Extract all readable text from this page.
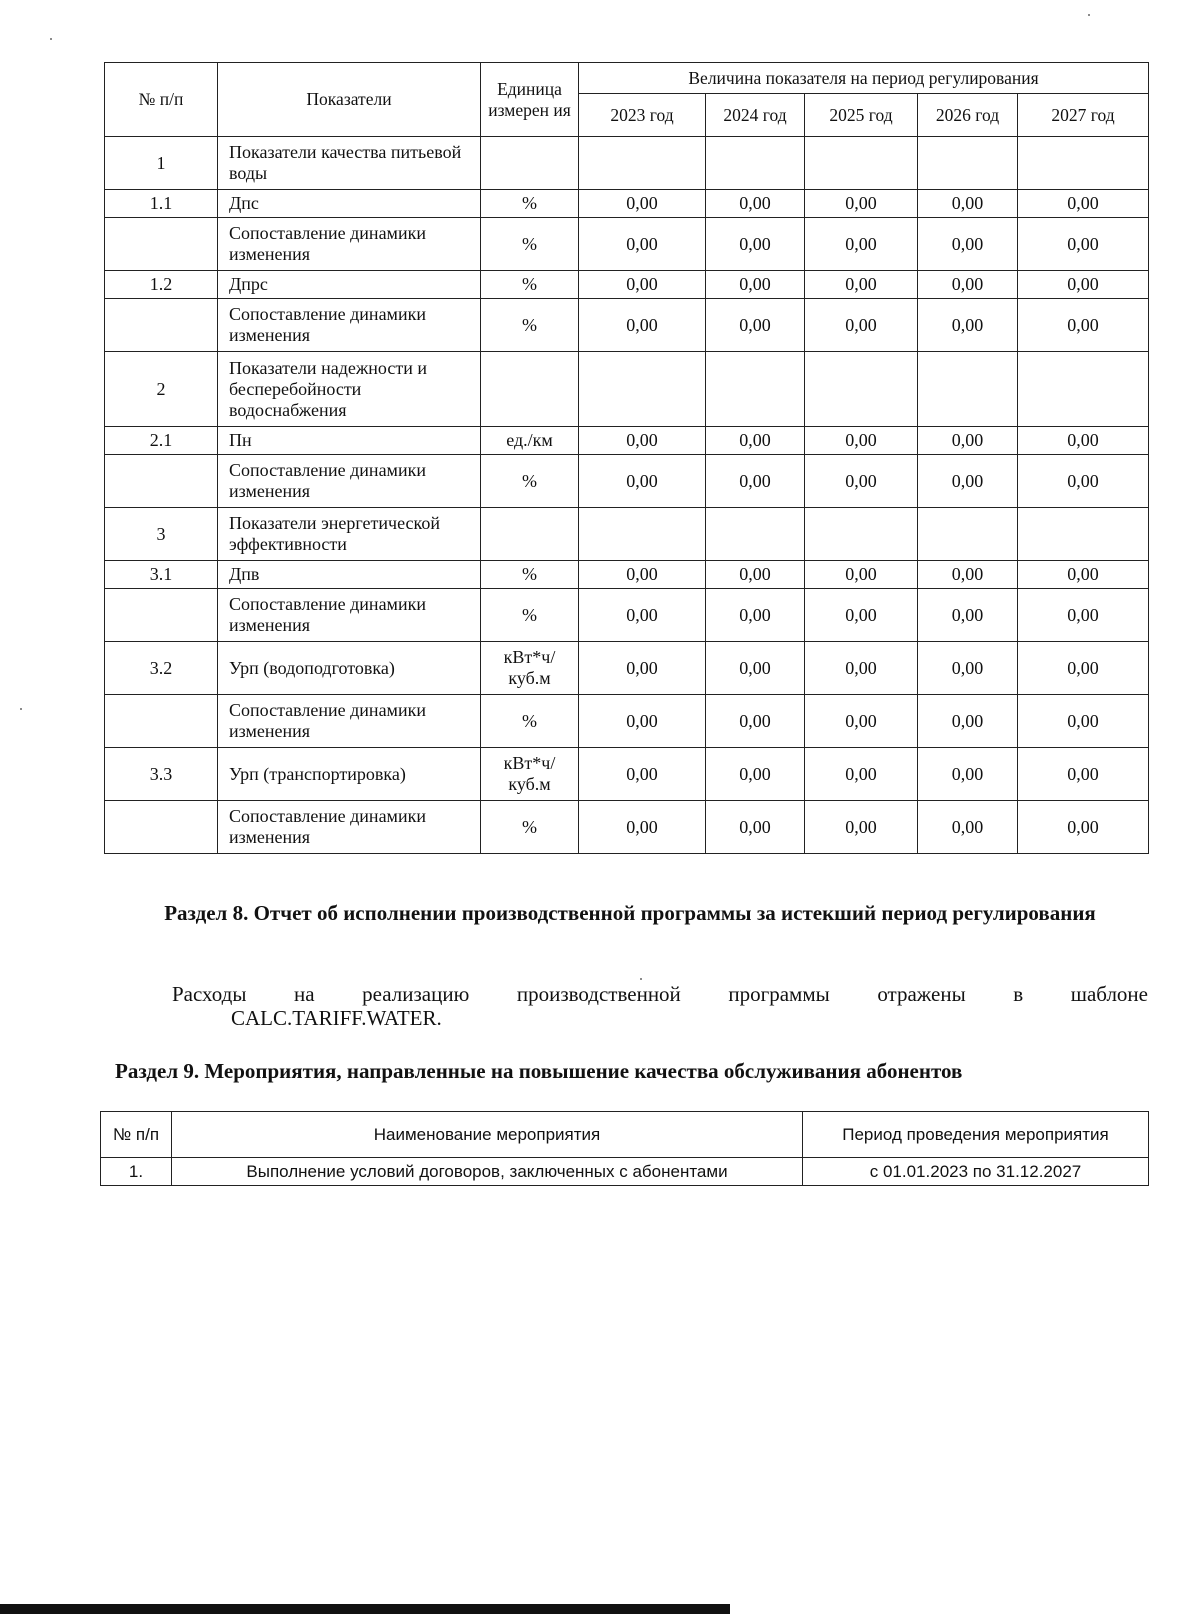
№ п/п	Показатели	Единица измерен ия	Величина показателя на период регулирования				
			2023 год	2024 год	2025 год	2026 год	2027 год
1	Показатели качества питьевой воды						
1.1	Дпс	%	0,00	0,00	0,00	0,00	0,00
	Сопоставление динамики изменения	%	0,00	0,00	0,00	0,00	0,00
1.2	Дпрс	%	0,00	0,00	0,00	0,00	0,00
	Сопоставление динамики изменения	%	0,00	0,00	0,00	0,00	0,00
2	Показатели надежности и бесперебойности водоснабжения						
2.1	Пн	ед./км	0,00	0,00	0,00	0,00	0,00
	Сопоставление динамики изменения	%	0,00	0,00	0,00	0,00	0,00
3	Показатели энергетической эффективности						
3.1	Дпв	%	0,00	0,00	0,00	0,00	0,00
	Сопоставление динамики изменения	%	0,00	0,00	0,00	0,00	0,00
3.2	Урп (водоподготовка)	кВт*ч/ куб.м	0,00	0,00	0,00	0,00	0,00
	Сопоставление динамики изменения	%	0,00	0,00	0,00	0,00	0,00
3.3	Урп (транспортировка)	кВт*ч/ куб.м	0,00	0,00	0,00	0,00	0,00
	Сопоставление динамики изменения	%	0,00	0,00	0,00	0,00	0,00
Раздел 8. Отчет об исполнении производственной программы за истекший период регулирования
Расходы на реализацию производственной программы отражены в шаблоне
CALC.TARIFF.WATER.
Раздел 9. Мероприятия, направленные на повышение качества обслуживания абонентов
№ п/п	Наименование мероприятия	Период проведения мероприятия
1.	Выполнение условий договоров, заключенных с абонентами	с 01.01.2023 по 31.12.2027
